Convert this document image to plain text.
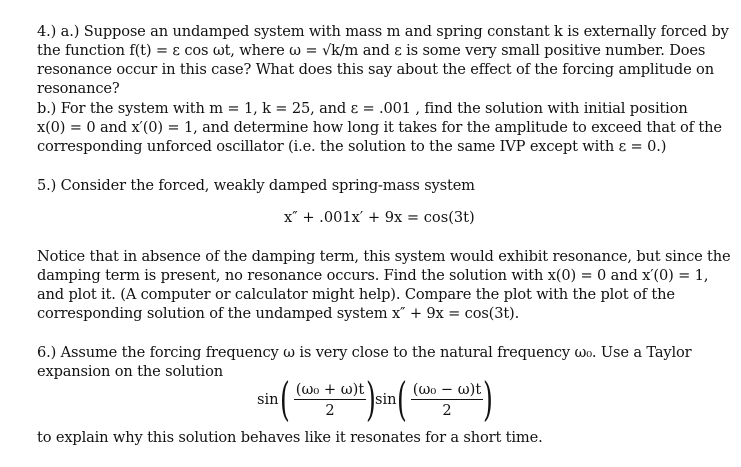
4.) a.) Suppose an undamped system with mass m and spring constant k is externally forced by
the function f(t) = ε cos ωt, where ω = √k/m and ε is some very small positive number. Does
resonance occur in this case? What does this say about the effect of the forcing amplitude on
resonance?
b.) For the system with m = 1, k = 25, and ε = .001 , find the solution with initial position
x(0) = 0 and x′(0) = 1, and determine how long it takes for the amplitude to exceed that of the
corresponding unforced oscillator (i.e. the solution to the same IVP except with ε = 0.)
5.) Consider the forced, weakly damped spring-mass system
x″ + .001x′ + 9x = cos(3t)
Notice that in absence of the damping term, this system would exhibit resonance, but since the
damping term is present, no resonance occurs. Find the solution with x(0) = 0 and x′(0) = 1,
and plot it. (A computer or calculator might help). Compare the plot with the plot of the
corresponding solution of the undamped system x″ + 9x = cos(3t).
6.) Assume the forcing frequency ω is very close to the natural frequency ω₀. Use a Taylor
expansion on the solution
sin ( (ω₀ + ω)t
2 ) sin ( (ω₀ − ω)t
2 )
to explain why this solution behaves like it resonates for a short time.
